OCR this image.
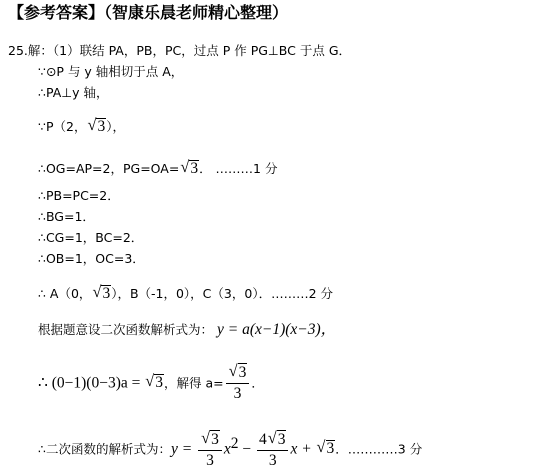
【参考答案】（智康乐晨老师精心整理）
25.解：（1）联结 PA，PB，PC，过点 P 作 PG⊥BC 于点 G．
∵⊙P 与 y 轴相切于点 A，
∴PA⊥y 轴，
∵P（2， √ 3），
∴OG=AP=2，PG=OA= √ 3． ………1 分
∴PB=PC=2．
∴BG=1．
∴CG=1，BC=2．
∴OB=1，OC=3．
∴ A（0， √ 3），B（-1，0），C（3，0）．………2 分
根据题意设二次函数解析式为： y = a(x−1)(x−3)，
∴ (0−1)(0−3)a = √ 3，解得 a= √ $\frac{3}{3}$ ．
∴二次函数的解析式为：y = √ $\frac{3}{3} x^2 - \frac{4 √ 3}{3}$ x + √ 3．…………3 分
